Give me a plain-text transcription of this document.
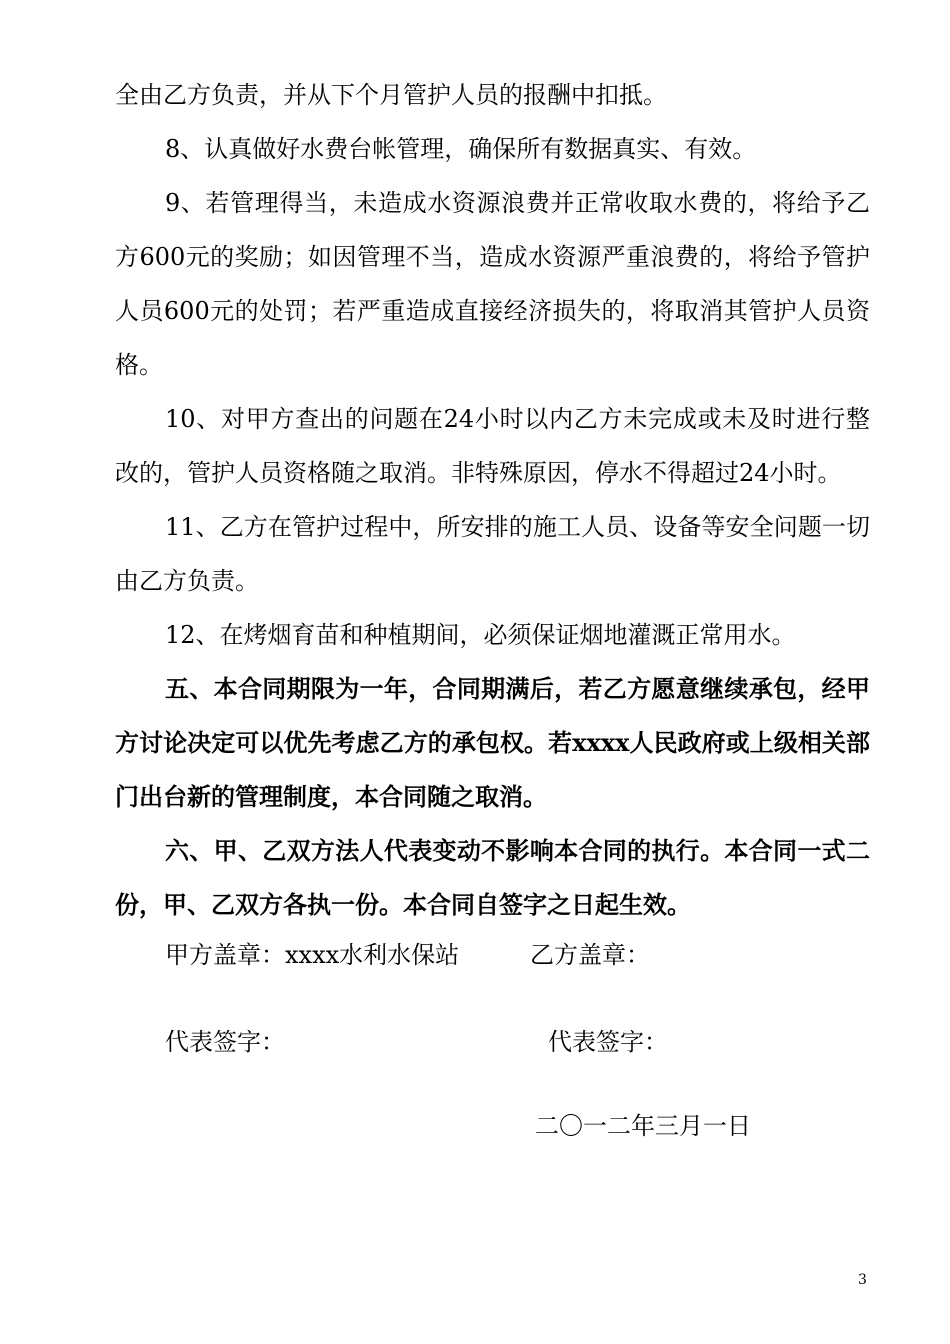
全由乙方负责，并从下个月管护人员的报酬中扣抵。

8、认真做好水费台帐管理，确保所有数据真实、有效。

9、若管理得当，未造成水资源浪费并正常收取水费的，将给予乙方600元的奖励；如因管理不当，造成水资源严重浪费的，将给予管护人员600元的处罚；若严重造成直接经济损失的，将取消其管护人员资格。

10、对甲方查出的问题在24小时以内乙方未完成或未及时进行整改的，管护人员资格随之取消。非特殊原因，停水不得超过24小时。

11、乙方在管护过程中，所安排的施工人员、设备等安全问题一切由乙方负责。

12、在烤烟育苗和种植期间，必须保证烟地灌溉正常用水。

五、本合同期限为一年，合同期满后，若乙方愿意继续承包，经甲方讨论决定可以优先考虑乙方的承包权。若xxxx人民政府或上级相关部门出台新的管理制度，本合同随之取消。

六、甲、乙双方法人代表变动不影响本合同的执行。本合同一式二份，甲、乙双方各执一份。本合同自签字之日起生效。

甲方盖章：xxxx水利水保站	乙方盖章：
代表签字：	代表签字：
二〇一二年三月一日
3
